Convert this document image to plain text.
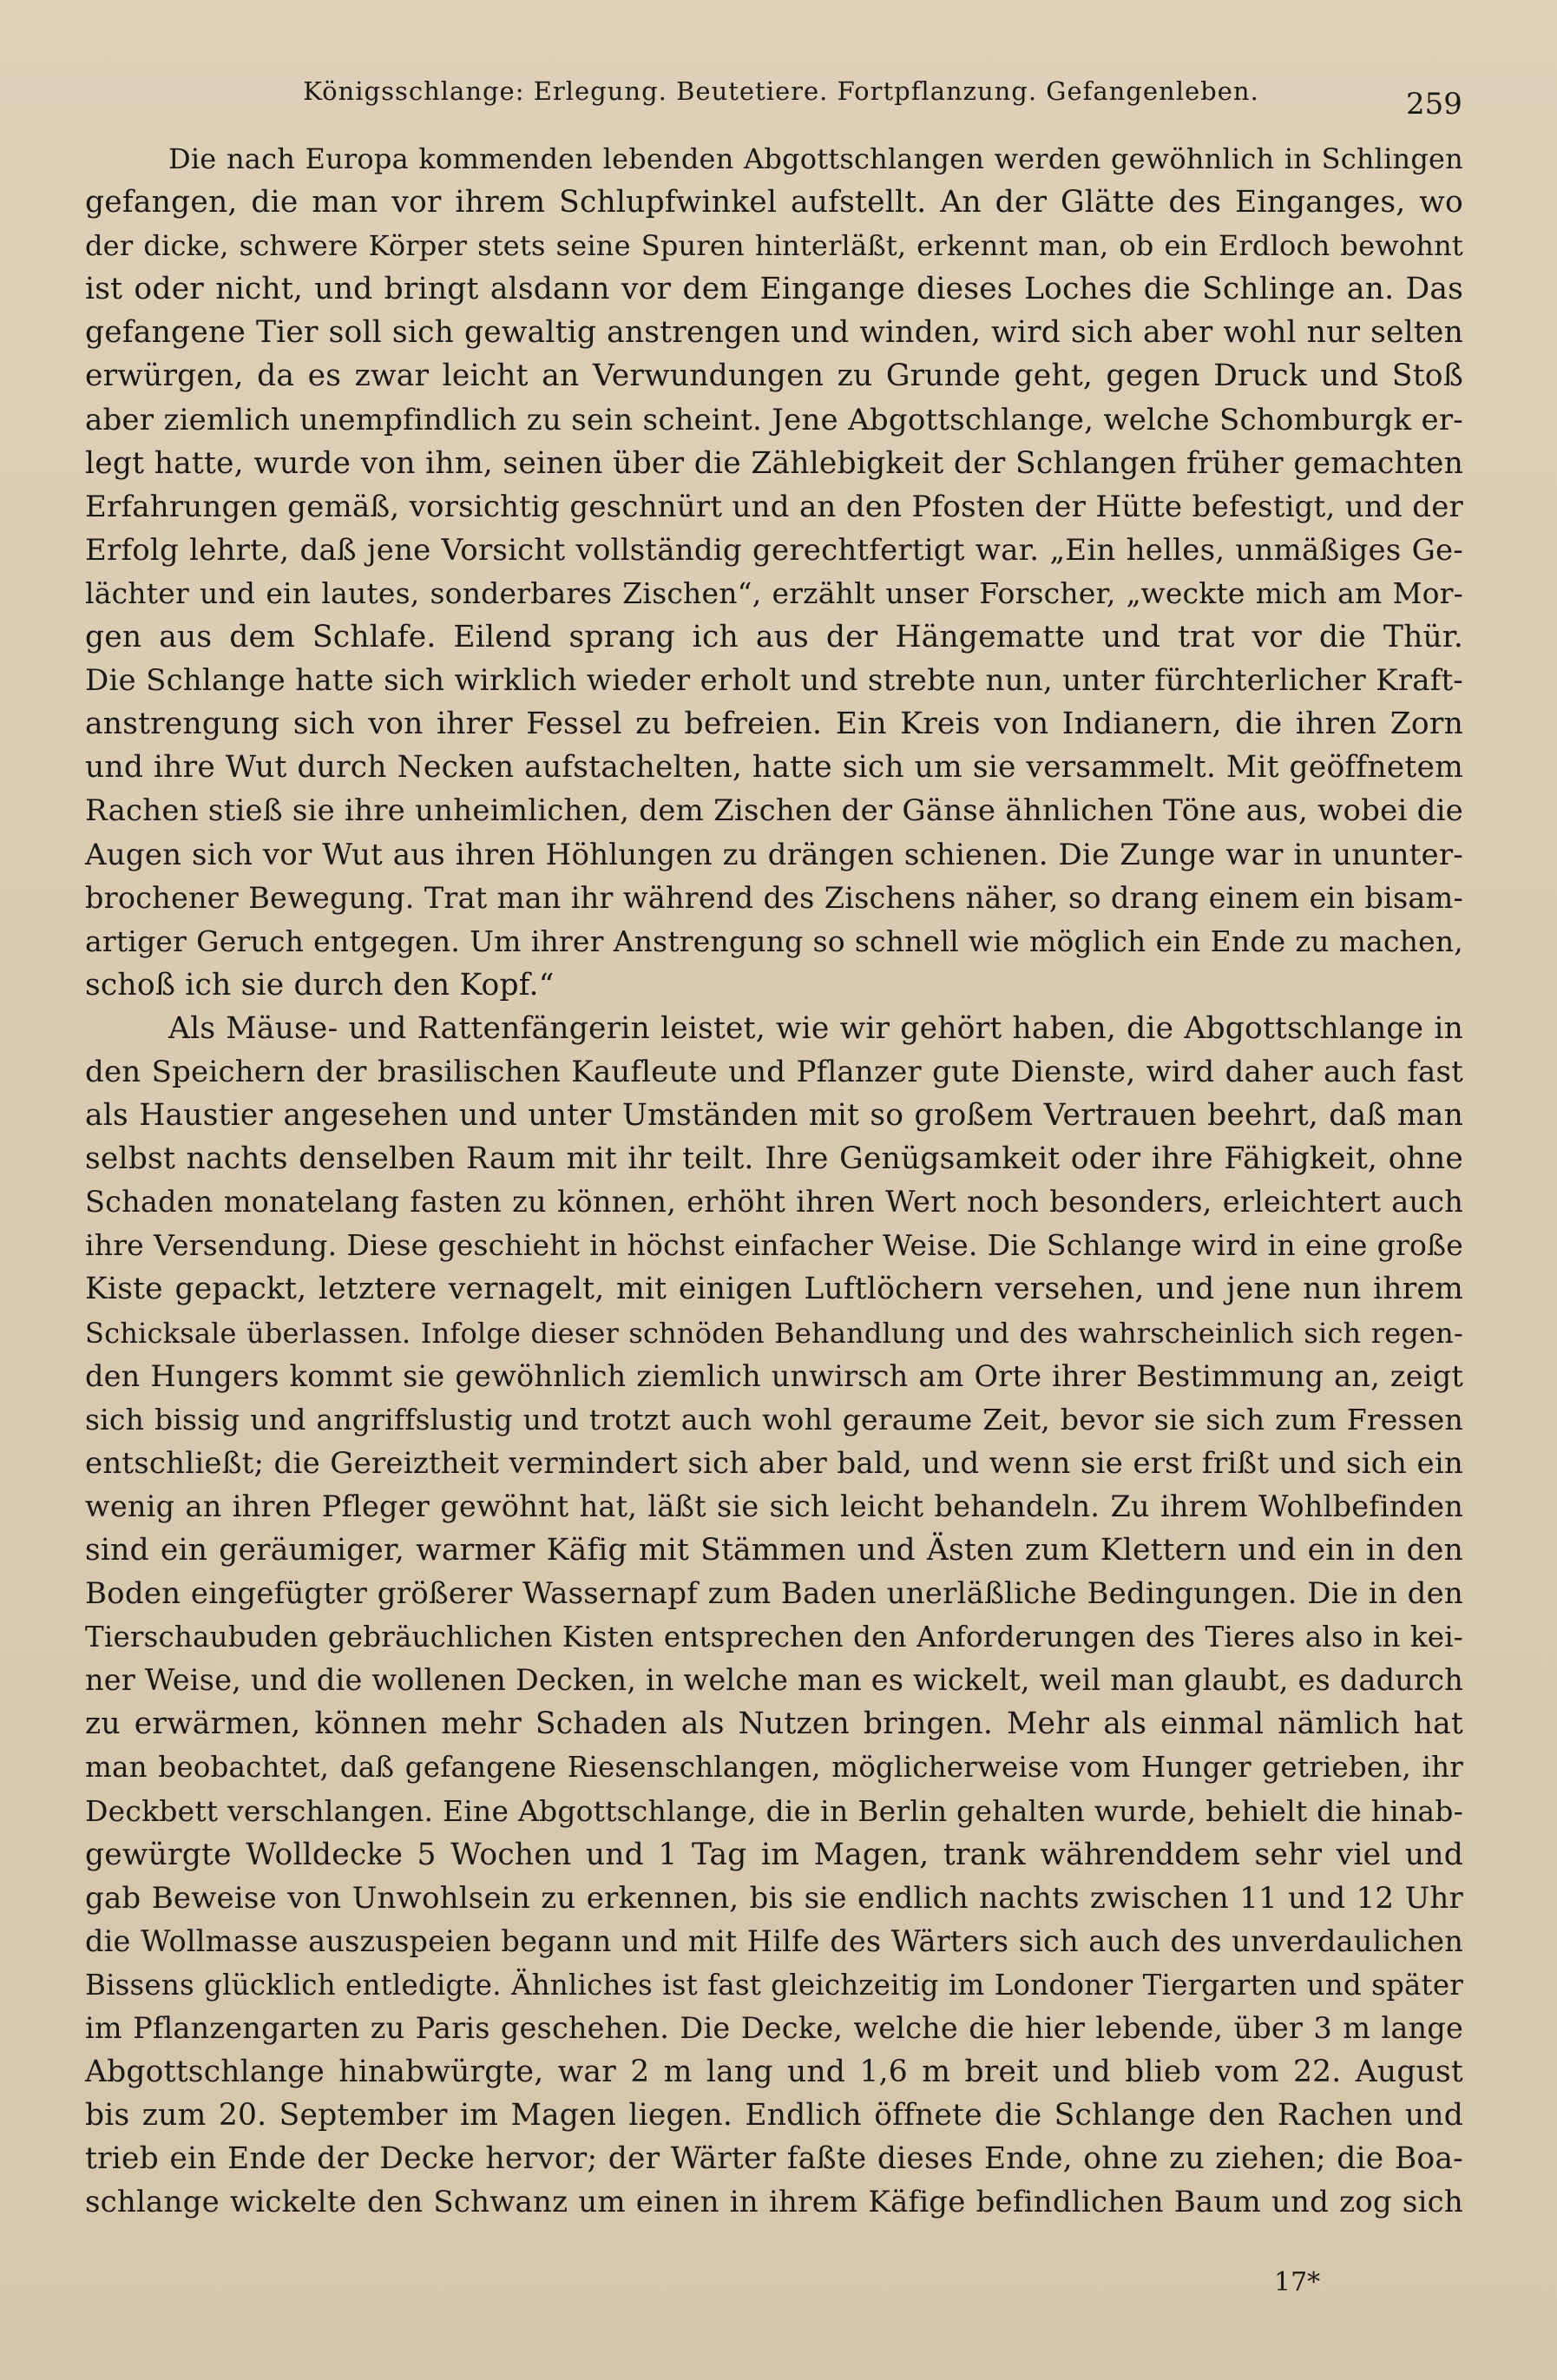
Königsschlange: Erlegung. Beutetiere. Fortpflanzung. Gefangenleben.	259
Die nach Europa kommenden lebenden Abgottschlangen werden gewöhnlich in Schlingen
gefangen, die man vor ihrem Schlupfwinkel aufstellt. An der Glätte des Einganges, wo
der dicke, schwere Körper stets seine Spuren hinterläßt, erkennt man, ob ein Erdloch bewohnt
ist oder nicht, und bringt alsdann vor dem Eingange dieses Loches die Schlinge an. Das
gefangene Tier soll sich gewaltig anstrengen und winden, wird sich aber wohl nur selten
erwürgen, da es zwar leicht an Verwundungen zu Grunde geht, gegen Druck und Stoß
aber ziemlich unempfindlich zu sein scheint. Jene Abgottschlange, welche Schomburgk er-
legt hatte, wurde von ihm, seinen über die Zählebigkeit der Schlangen früher gemachten
Erfahrungen gemäß, vorsichtig geschnürt und an den Pfosten der Hütte befestigt, und der
Erfolg lehrte, daß jene Vorsicht vollständig gerechtfertigt war. „Ein helles, unmäßiges Ge-
lächter und ein lautes, sonderbares Zischen“, erzählt unser Forscher, „weckte mich am Mor-
gen aus dem Schlafe. Eilend sprang ich aus der Hängematte und trat vor die Thür.
Die Schlange hatte sich wirklich wieder erholt und strebte nun, unter fürchterlicher Kraft-
anstrengung sich von ihrer Fessel zu befreien. Ein Kreis von Indianern, die ihren Zorn
und ihre Wut durch Necken aufstachelten, hatte sich um sie versammelt. Mit geöffnetem
Rachen stieß sie ihre unheimlichen, dem Zischen der Gänse ähnlichen Töne aus, wobei die
Augen sich vor Wut aus ihren Höhlungen zu drängen schienen. Die Zunge war in ununter-
brochener Bewegung. Trat man ihr während des Zischens näher, so drang einem ein bisam-
artiger Geruch entgegen. Um ihrer Anstrengung so schnell wie möglich ein Ende zu machen,
schoß ich sie durch den Kopf.“
Als Mäuse- und Rattenfängerin leistet, wie wir gehört haben, die Abgottschlange in
den Speichern der brasilischen Kaufleute und Pflanzer gute Dienste, wird daher auch fast
als Haustier angesehen und unter Umständen mit so großem Vertrauen beehrt, daß man
selbst nachts denselben Raum mit ihr teilt. Ihre Genügsamkeit oder ihre Fähigkeit, ohne
Schaden monatelang fasten zu können, erhöht ihren Wert noch besonders, erleichtert auch
ihre Versendung. Diese geschieht in höchst einfacher Weise. Die Schlange wird in eine große
Kiste gepackt, letztere vernagelt, mit einigen Luftlöchern versehen, und jene nun ihrem
Schicksale überlassen. Infolge dieser schnöden Behandlung und des wahrscheinlich sich regen-
den Hungers kommt sie gewöhnlich ziemlich unwirsch am Orte ihrer Bestimmung an, zeigt
sich bissig und angriffslustig und trotzt auch wohl geraume Zeit, bevor sie sich zum Fressen
entschließt; die Gereiztheit vermindert sich aber bald, und wenn sie erst frißt und sich ein
wenig an ihren Pfleger gewöhnt hat, läßt sie sich leicht behandeln. Zu ihrem Wohlbefinden
sind ein geräumiger, warmer Käfig mit Stämmen und Ästen zum Klettern und ein in den
Boden eingefügter größerer Wassernapf zum Baden unerläßliche Bedingungen. Die in den
Tierschaubuden gebräuchlichen Kisten entsprechen den Anforderungen des Tieres also in kei-
ner Weise, und die wollenen Decken, in welche man es wickelt, weil man glaubt, es dadurch
zu erwärmen, können mehr Schaden als Nutzen bringen. Mehr als einmal nämlich hat
man beobachtet, daß gefangene Riesenschlangen, möglicherweise vom Hunger getrieben, ihr
Deckbett verschlangen. Eine Abgottschlange, die in Berlin gehalten wurde, behielt die hinab-
gewürgte Wolldecke 5 Wochen und 1 Tag im Magen, trank währenddem sehr viel und
gab Beweise von Unwohlsein zu erkennen, bis sie endlich nachts zwischen 11 und 12 Uhr
die Wollmasse auszuspeien begann und mit Hilfe des Wärters sich auch des unverdaulichen
Bissens glücklich entledigte. Ähnliches ist fast gleichzeitig im Londoner Tiergarten und später
im Pflanzengarten zu Paris geschehen. Die Decke, welche die hier lebende, über 3 m lange
Abgottschlange hinabwürgte, war 2 m lang und 1,6 m breit und blieb vom 22. August
bis zum 20. September im Magen liegen. Endlich öffnete die Schlange den Rachen und
trieb ein Ende der Decke hervor; der Wärter faßte dieses Ende, ohne zu ziehen; die Boa-
schlange wickelte den Schwanz um einen in ihrem Käfige befindlichen Baum und zog sich
17*
